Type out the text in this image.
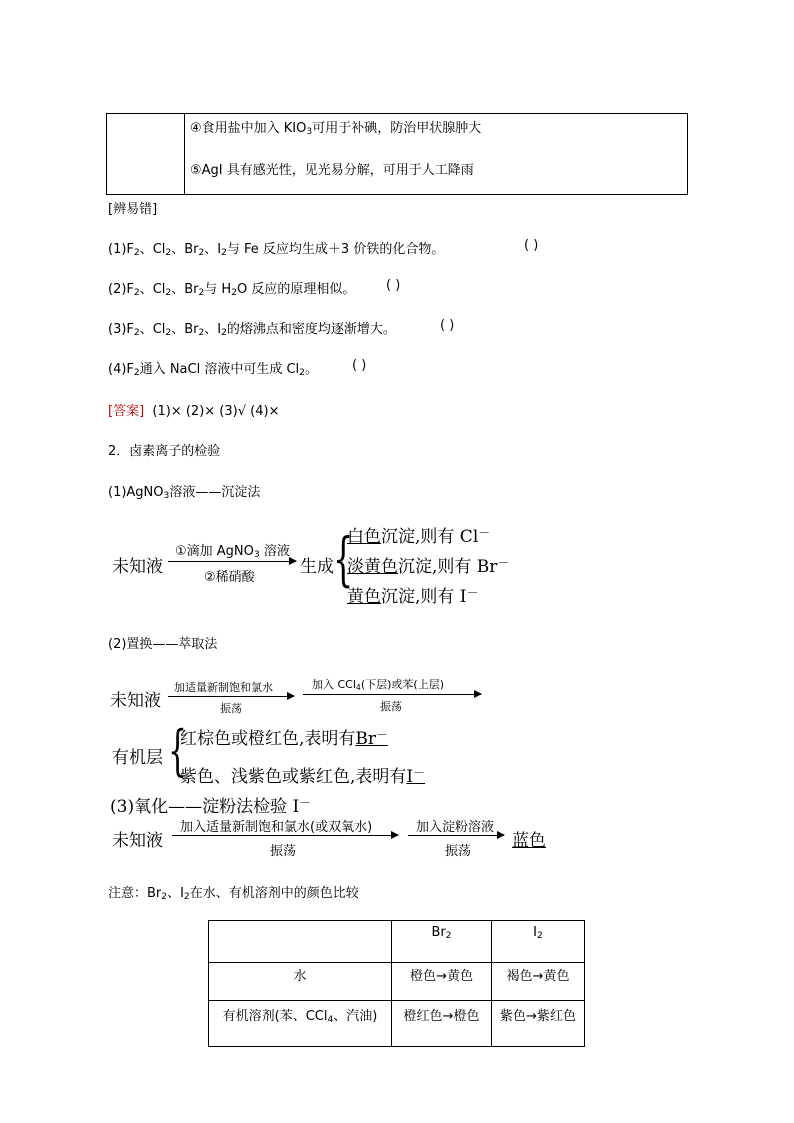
④食用盐中加入 $KIO_3$可用于补碘，防治甲状腺肿大
⑤AgI 具有感光性，见光易分解，可用于人工降雨
[辨易错]
$(1)F_2$、$Cl_2$、$Br_2$、$I_2$与 Fe 反应均生成＋3 价铁的化合物。	( )
$(2)F_2$、$Cl_2$、$Br_2$与 $H_2O$ 反应的原理相似。 ( )
$(3)F_2$、$Cl_2$、$Br_2$、$I_2$的熔沸点和密度均逐渐增大。	( )
$(4)F_2$通入 NaCl 溶液中可生成 $Cl_2$。	( )
[答案] (1)× (2)× (3)√ (4)×
2．卤素离子的检验
(1)AgNO$_3$溶液——沉淀法
未知液
①滴加 AgNO$_3$ 溶液
②稀硝酸
生成 {
白色沉淀,则有 Cl－
淡黄色沉淀,则有 Br－
黄色沉淀,则有 I－
(2)置换——萃取法
未知液
加适量新制饱和氯水
振荡
加入 CCl$_4$(下层)或苯(上层)
振荡
有机层 {
红棕色或橙红色,表明有Br－
紫色、浅紫色或紫红色,表明有I－
(3)氧化——淀粉法检验 I－
未知液
加入适量新制饱和氯水(或双氧水)
振荡
加入淀粉溶液
振荡
蓝色
注意：$Br_2$、$I_2$在水、有机溶剂中的颜色比较
	$Br_2$	$I_2$
水	橙色→黄色	褐色→黄色
有机溶剂(苯、CCl$_4$、汽油)	橙红色→橙色	紫色→紫红色
